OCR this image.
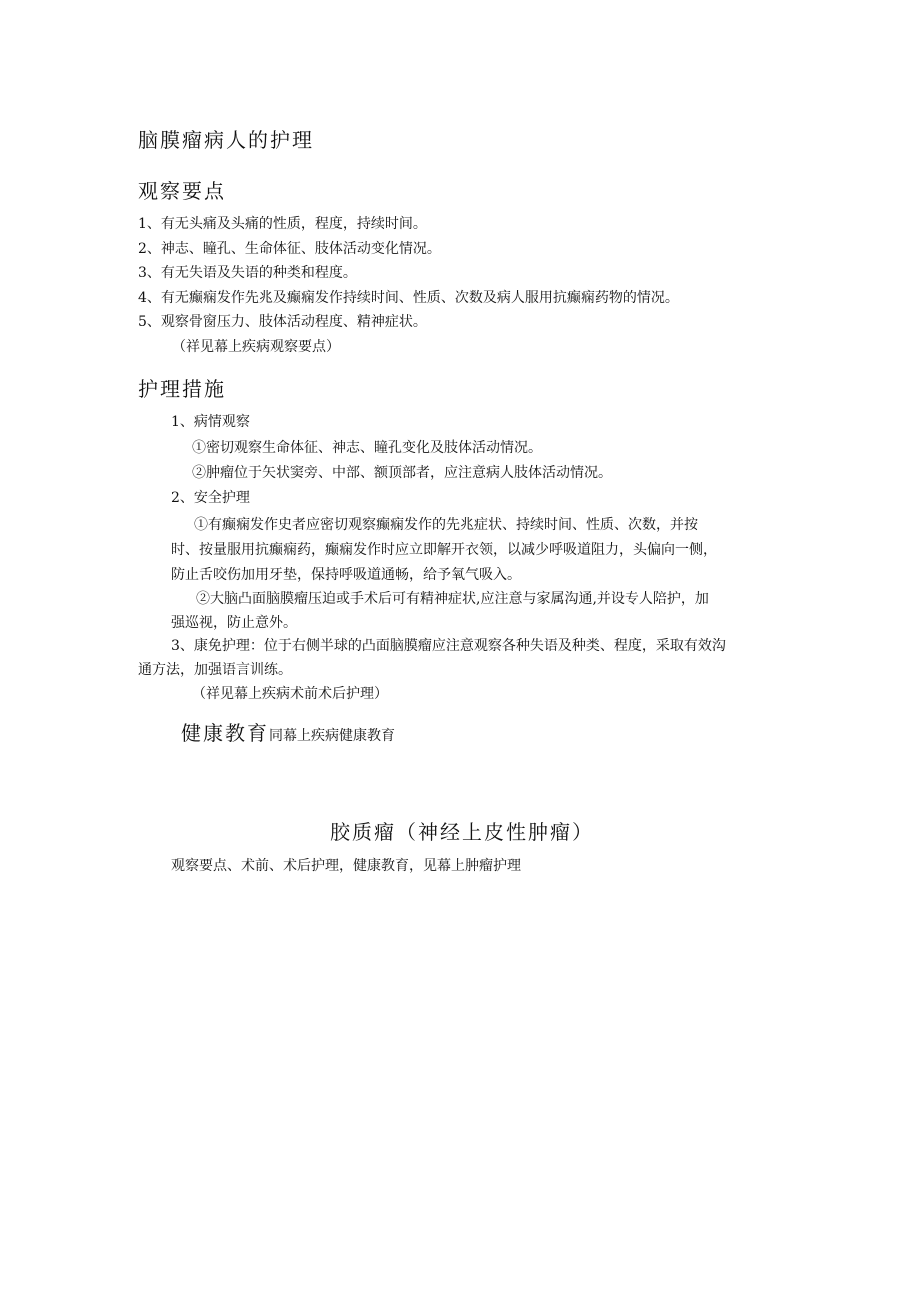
脑膜瘤病人的护理
观察要点
1、有无头痛及头痛的性质，程度，持续时间。
2、神志、瞳孔、生命体征、肢体活动变化情况。
3、有无失语及失语的种类和程度。
4、有无癫痫发作先兆及癫痫发作持续时间、性质、次数及病人服用抗癫痫药物的情况。
5、观察骨窗压力、肢体活动程度、精神症状。
（祥见幕上疾病观察要点）
护理措施
1、病情观察
①密切观察生命体征、神志、瞳孔变化及肢体活动情况。
②肿瘤位于矢状窦旁、中部、额顶部者，应注意病人肢体活动情况。
2、安全护理
①有癫痫发作史者应密切观察癫痫发作的先兆症状、持续时间、性质、次数，并按
时、按量服用抗癫痫药，癫痫发作时应立即解开衣领，以减少呼吸道阻力，头偏向一侧，
防止舌咬伤加用牙垫，保持呼吸道通畅，给予氧气吸入。
②大脑凸面脑膜瘤压迫或手术后可有精神症状,应注意与家属沟通,并设专人陪护，加
强巡视，防止意外。
3、康免护理：位于右侧半球的凸面脑膜瘤应注意观察各种失语及种类、程度，采取有效沟
通方法，加强语言训练。
（祥见幕上疾病术前术后护理）
健康教育同幕上疾病健康教育
胶质瘤（神经上皮性肿瘤）
观察要点、术前、术后护理，健康教育，见幕上肿瘤护理
